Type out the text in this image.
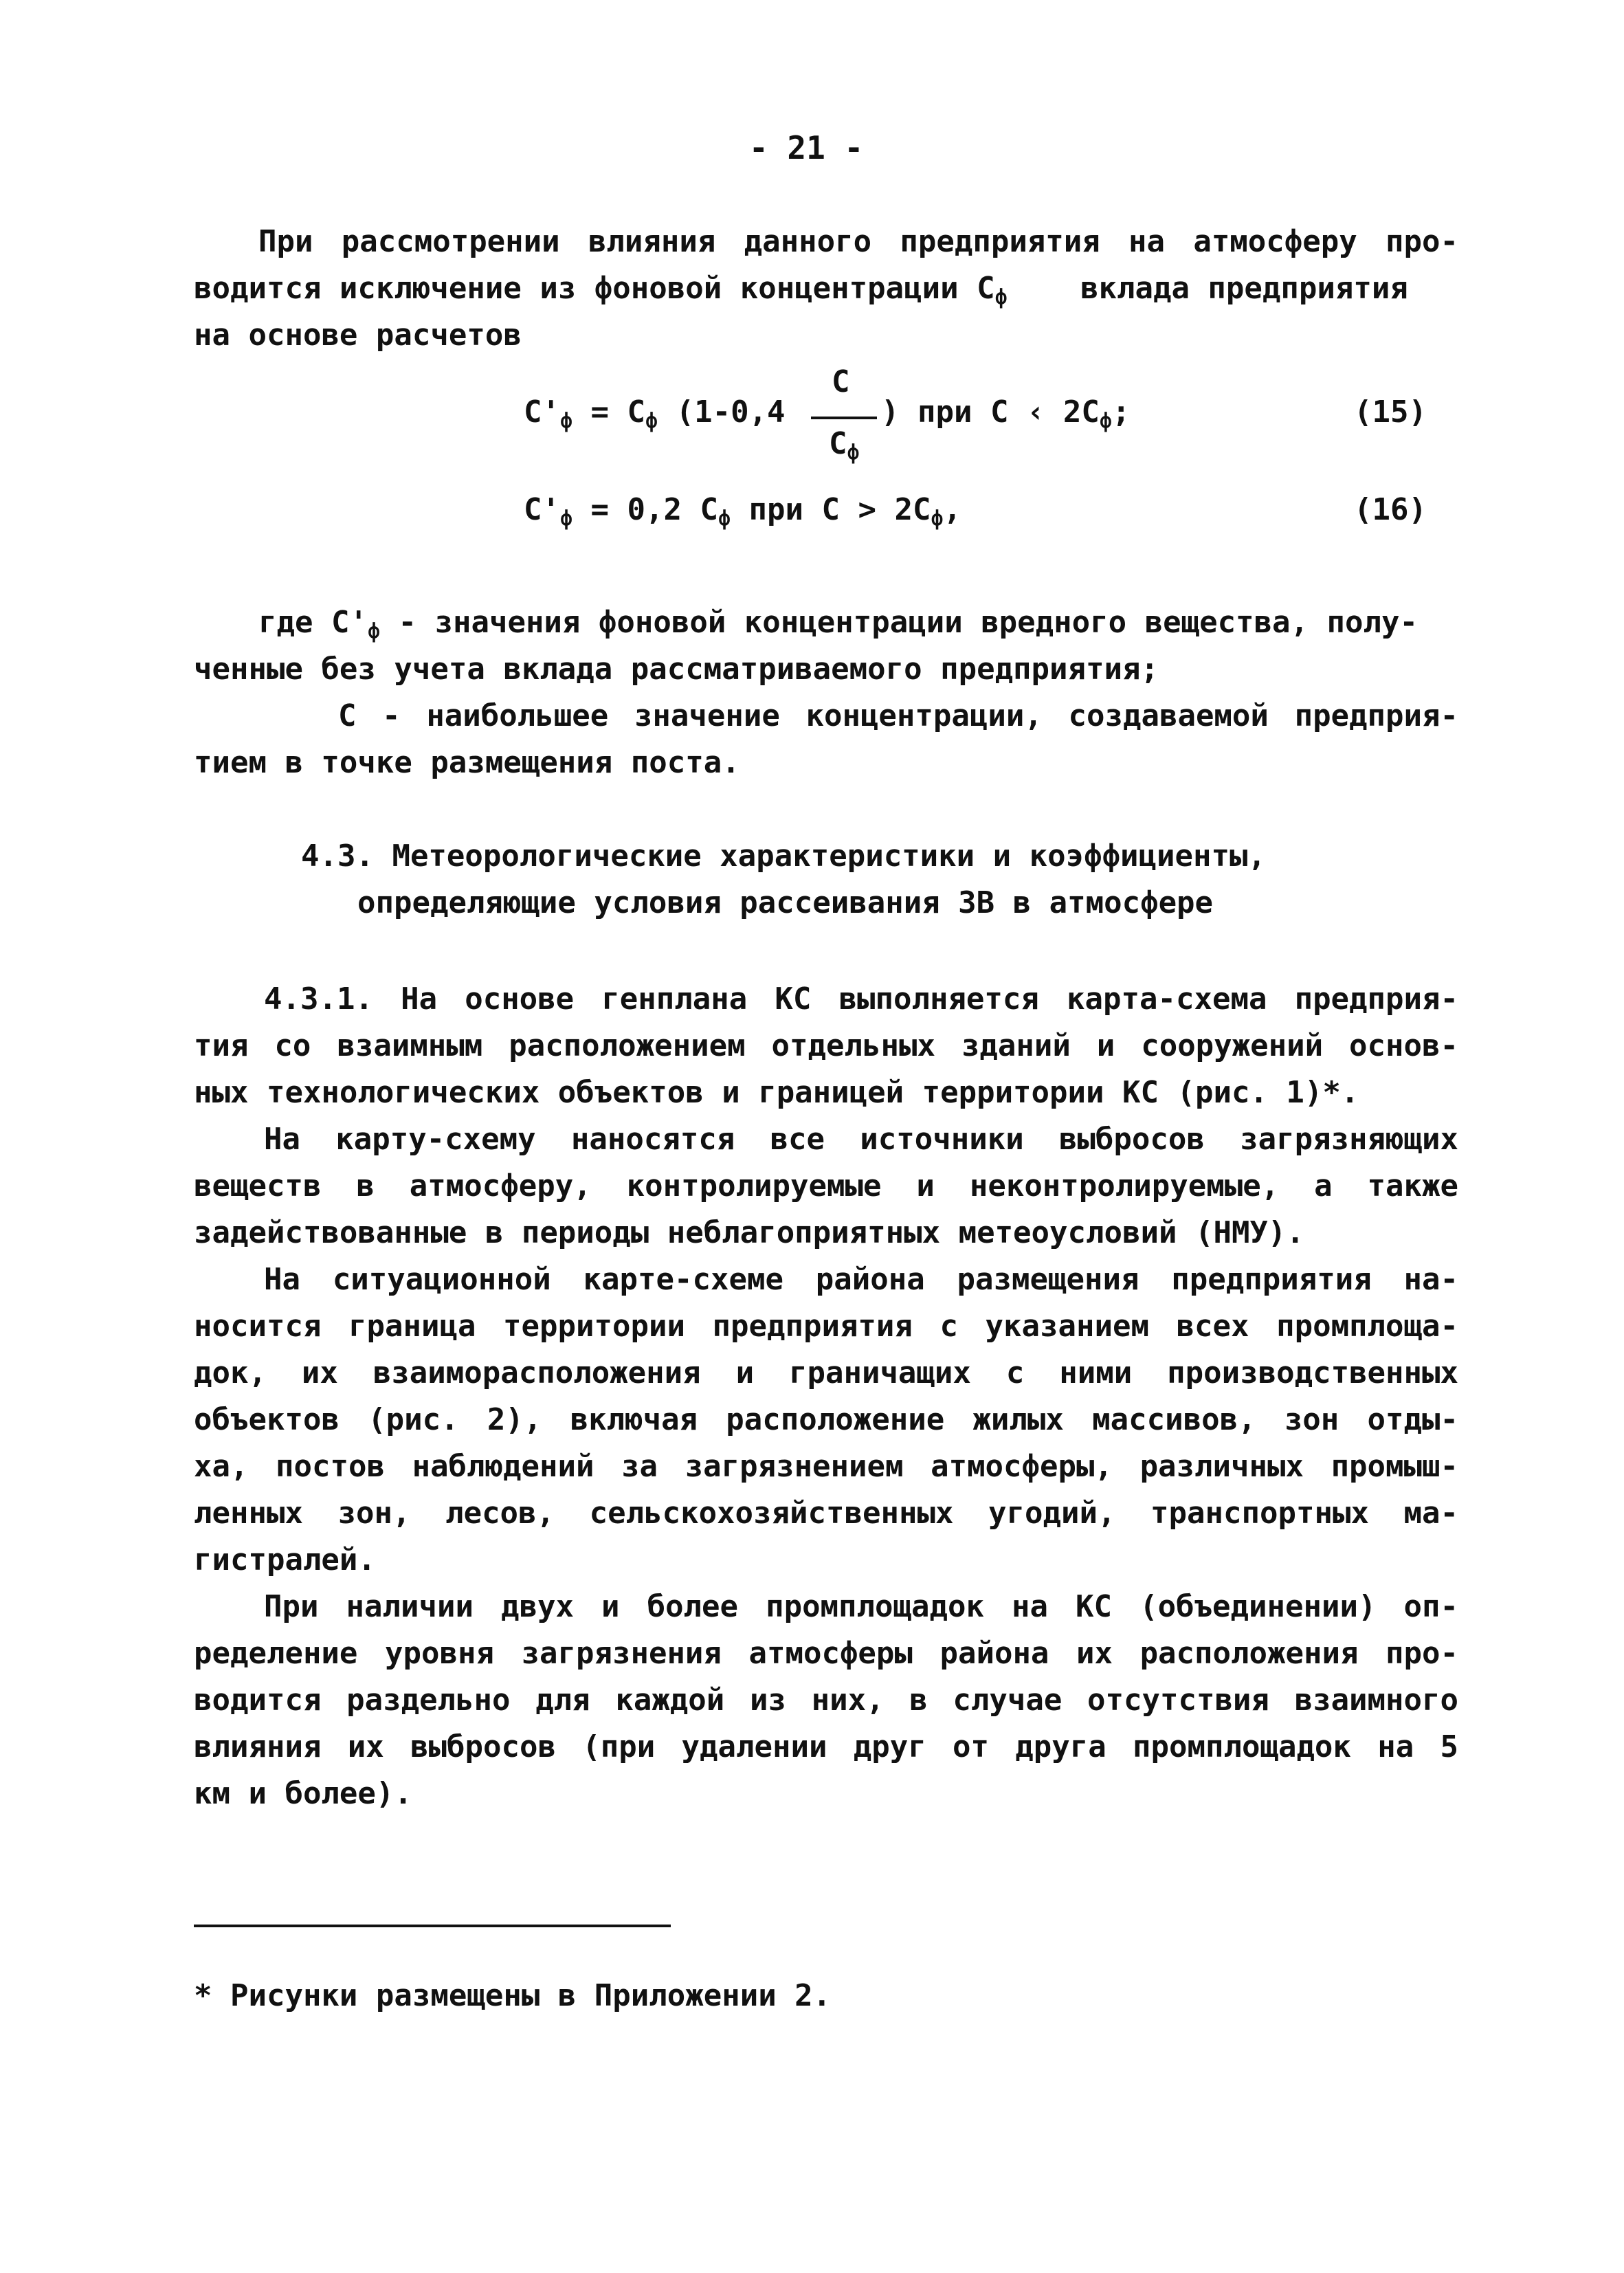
- 21 -
При рассмотрении влияния данного предприятия на атмосферу про-
водится исключение из фоновой концентрации $C_ф$ вклада предприятия
на основе расчетов
C
$C'_ф = C_ф$ (1-0,4	) при C ‹ $2C_ф$;
$C_ф$
(15)
$C'_ф = 0,2$ $C_ф$ при $C > 2C_ф$,	(16)
где $C'_ф$ - значения фоновой концентрации вредного вещества, полу-
ченные без учета вклада рассматриваемого предприятия;
C - наибольшее значение концентрации, создаваемой предприя-
тием в точке размещения поста.
4.3. Метеорологические характеристики и коэффициенты,
определяющие условия рассеивания ЗВ в атмосфере
4.3.1. На основе генплана КС выполняется карта-схема предприя-
тия со взаимным расположением отдельных зданий и сооружений основ-
ных технологических объектов и границей территории КС (рис. 1)*.
На карту-схему наносятся все источники выбросов загрязняющих
веществ в атмосферу, контролируемые и неконтролируемые, а также
задействованные в периоды неблагоприятных метеоусловий (НМУ).
На ситуационной карте-схеме района размещения предприятия на-
носится граница территории предприятия с указанием всех промплоща-
док, их взаиморасположения и граничащих с ними производственных
объектов (рис. 2), включая расположение жилых массивов, зон отды-
ха, постов наблюдений за загрязнением атмосферы, различных промыш-
ленных зон, лесов, сельскохозяйственных угодий, транспортных ма-
гистралей.
При наличии двух и более промплощадок на КС (объединении) оп-
ределение уровня загрязнения атмосферы района их расположения про-
водится раздельно для каждой из них, в случае отсутствия взаимного
влияния их выбросов (при удалении друг от друга промплощадок на 5
км и более).
* Рисунки размещены в Приложении 2.
